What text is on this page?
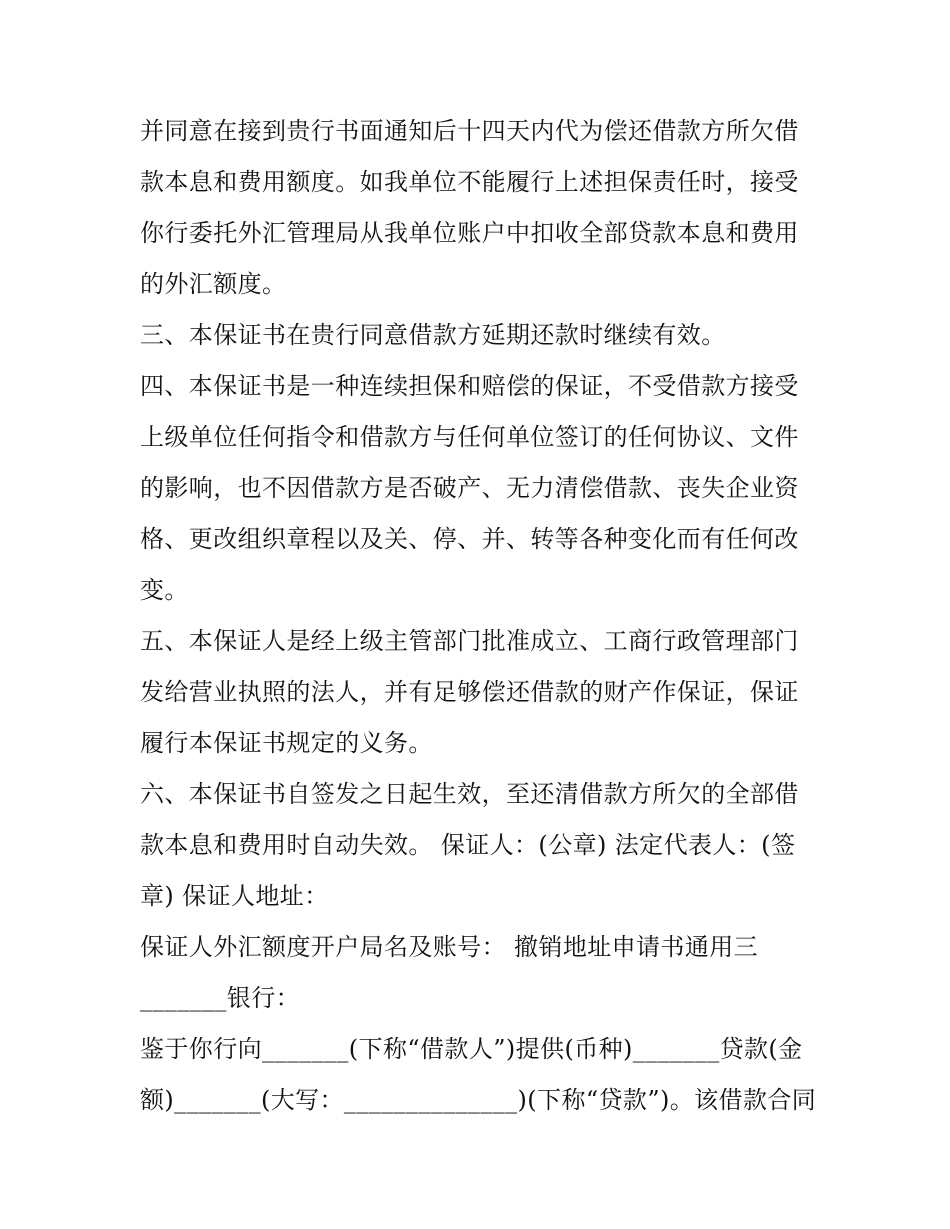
并同意在接到贵行书面通知后十四天内代为偿还借款方所欠借
款本息和费用额度。如我单位不能履行上述担保责任时，接受
你行委托外汇管理局从我单位账户中扣收全部贷款本息和费用
的外汇额度。
三、本保证书在贵行同意借款方延期还款时继续有效。
四、本保证书是一种连续担保和赔偿的保证，不受借款方接受
上级单位任何指令和借款方与任何单位签订的任何协议、文件
的影响，也不因借款方是否破产、无力清偿借款、丧失企业资
格、更改组织章程以及关、停、并、转等各种变化而有任何改
变。
五、本保证人是经上级主管部门批准成立、工商行政管理部门
发给营业执照的法人，并有足够偿还借款的财产作保证，保证
履行本保证书规定的义务。
六、本保证书自签发之日起生效，至还清借款方所欠的全部借
款本息和费用时自动失效。 保证人：(公章) 法定代表人：(签
章) 保证人地址：
保证人外汇额度开户局名及账号： 撤销地址申请书通用三
_______银行：
鉴于你行向_______(下称“借款人”)提供(币种)_______贷款(金
额)_______(大写：______________)(下称“贷款”)。该借款合同
